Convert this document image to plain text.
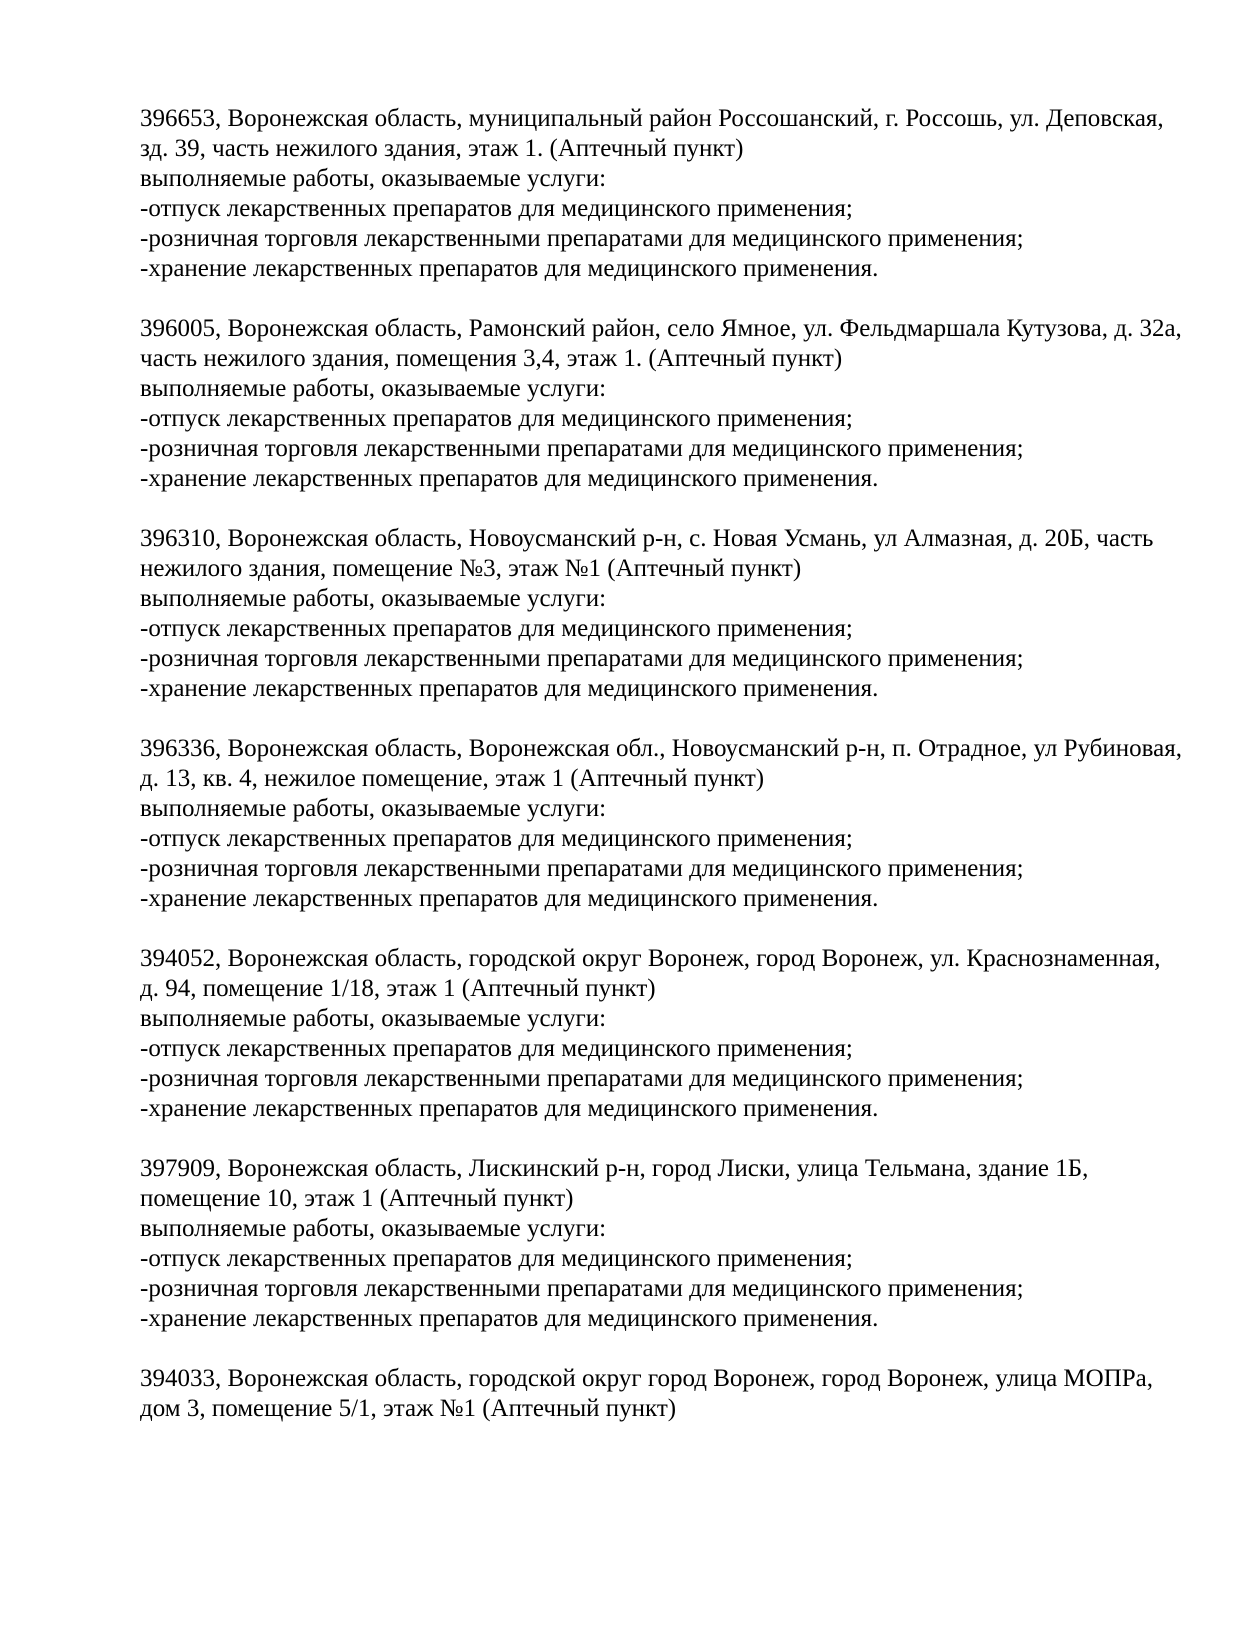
396653, Воронежская область, муниципальный район Россошанский, г. Россошь, ул. Деповская, зд. 39, часть нежилого здания, этаж 1. (Аптечный пункт)

выполняемые работы, оказываемые услуги:

-отпуск лекарственных препаратов для медицинского применения;

-розничная торговля лекарственными препаратами для медицинского применения;

-хранение лекарственных препаратов для медицинского применения.

396005, Воронежская область, Рамонский район, село Ямное, ул. Фельдмаршала Кутузова, д. 32а, часть нежилого здания, помещения 3,4, этаж 1. (Аптечный пункт)

выполняемые работы, оказываемые услуги:

-отпуск лекарственных препаратов для медицинского применения;

-розничная торговля лекарственными препаратами для медицинского применения;

-хранение лекарственных препаратов для медицинского применения.

396310, Воронежская область, Новоусманский р-н, с. Новая Усмань, ул Алмазная, д. 20Б, часть нежилого здания, помещение №3, этаж №1 (Аптечный пункт)

выполняемые работы, оказываемые услуги:

-отпуск лекарственных препаратов для медицинского применения;

-розничная торговля лекарственными препаратами для медицинского применения;

-хранение лекарственных препаратов для медицинского применения.

396336, Воронежская область, Воронежская обл., Новоусманский р-н, п. Отрадное, ул Рубиновая, д. 13, кв. 4, нежилое помещение, этаж 1 (Аптечный пункт)

выполняемые работы, оказываемые услуги:

-отпуск лекарственных препаратов для медицинского применения;

-розничная торговля лекарственными препаратами для медицинского применения;

-хранение лекарственных препаратов для медицинского применения.

394052, Воронежская область, городской округ Воронеж, город Воронеж, ул. Краснознаменная, д. 94, помещение 1/18, этаж 1 (Аптечный пункт)

выполняемые работы, оказываемые услуги:

-отпуск лекарственных препаратов для медицинского применения;

-розничная торговля лекарственными препаратами для медицинского применения;

-хранение лекарственных препаратов для медицинского применения.

397909, Воронежская область, Лискинский р-н, город Лиски, улица Тельмана, здание 1Б, помещение 10, этаж 1 (Аптечный пункт)

выполняемые работы, оказываемые услуги:

-отпуск лекарственных препаратов для медицинского применения;

-розничная торговля лекарственными препаратами для медицинского применения;

-хранение лекарственных препаратов для медицинского применения.

394033, Воронежская область, городской округ город Воронеж, город Воронеж, улица МОПРа, дом 3, помещение 5/1, этаж №1 (Аптечный пункт)
